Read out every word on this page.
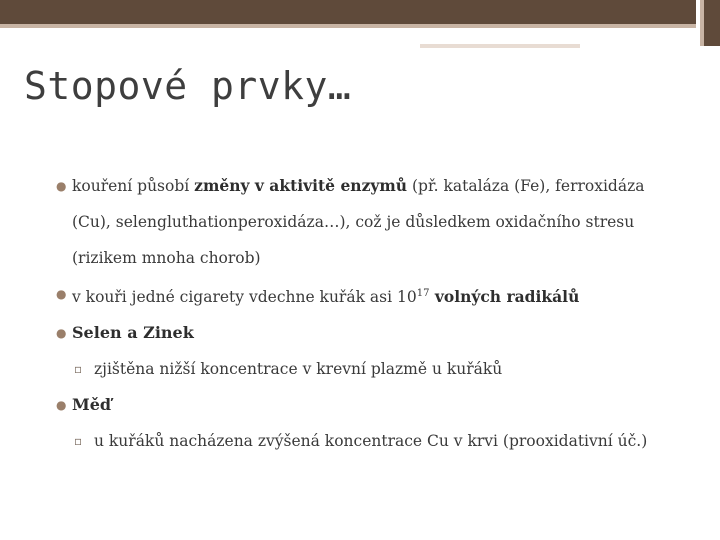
Stopové prvky…
● kouření působí změny v aktivitě enzymů (př. kataláza (Fe), ferroxidáza
(Cu), selengluthationperoxidáza…), což je důsledkem oxidačního stresu
(rizikem mnoha chorob)
● v kouři jedné cigarety vdechne kuřák asi $10^{17}$ volných radikálů
● Selen a Zinek
▫ zjištěna nižší koncentrace v krevní plazmě u kuřáků
● Měď
▫ u kuřáků nacházena zvýšená koncentrace Cu v krvi (prooxidativní úč.)
